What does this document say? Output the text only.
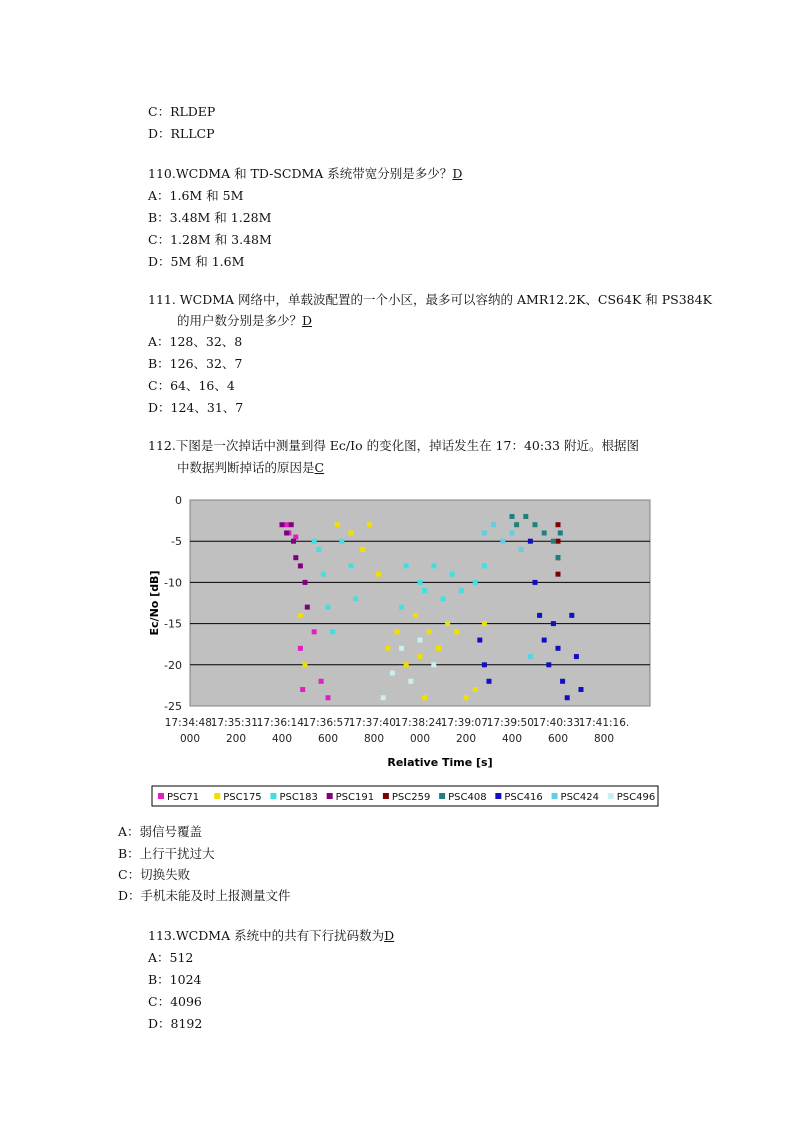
C：RLDEP
D：RLLCP
110.WCDMA 和 TD-SCDMA 系统带宽分别是多少？D
A：1.6M 和 5M
B：3.48M 和 1.28M
C：1.28M 和 3.48M
D：5M 和 1.6M
111. WCDMA 网络中，单载波配置的一个小区，最多可以容纳的 AMR12.2K、CS64K 和 PS384K
的用户数分别是多少？D
A：128、32、8
B：126、32、7
C：64、16、4
D：124、31、7
112.下图是一次掉话中测量到得 Ec/Io 的变化图，掉话发生在 17：40:33 附近。根据图
中数据判断掉话的原因是C
0
-5
-10
-15
-20
-25
17:34:48.
000
17:35:31.
200
17:36:14.
400
17:36:57.
600
17:37:40.
800
17:38:24.
000
17:39:07.
200
17:39:50.
400
17:40:33.
600
17:41:16.
800
Ec/No [dB]
Relative Time [s]
PSC71 PSC175 PSC183 PSC191 PSC259 PSC408 PSC416 PSC424 PSC496
A：弱信号覆盖
B：上行干扰过大
C：切换失败
D：手机未能及时上报测量文件
113.WCDMA 系统中的共有下行扰码数为D
A：512
B：1024
C：4096
D：8192
